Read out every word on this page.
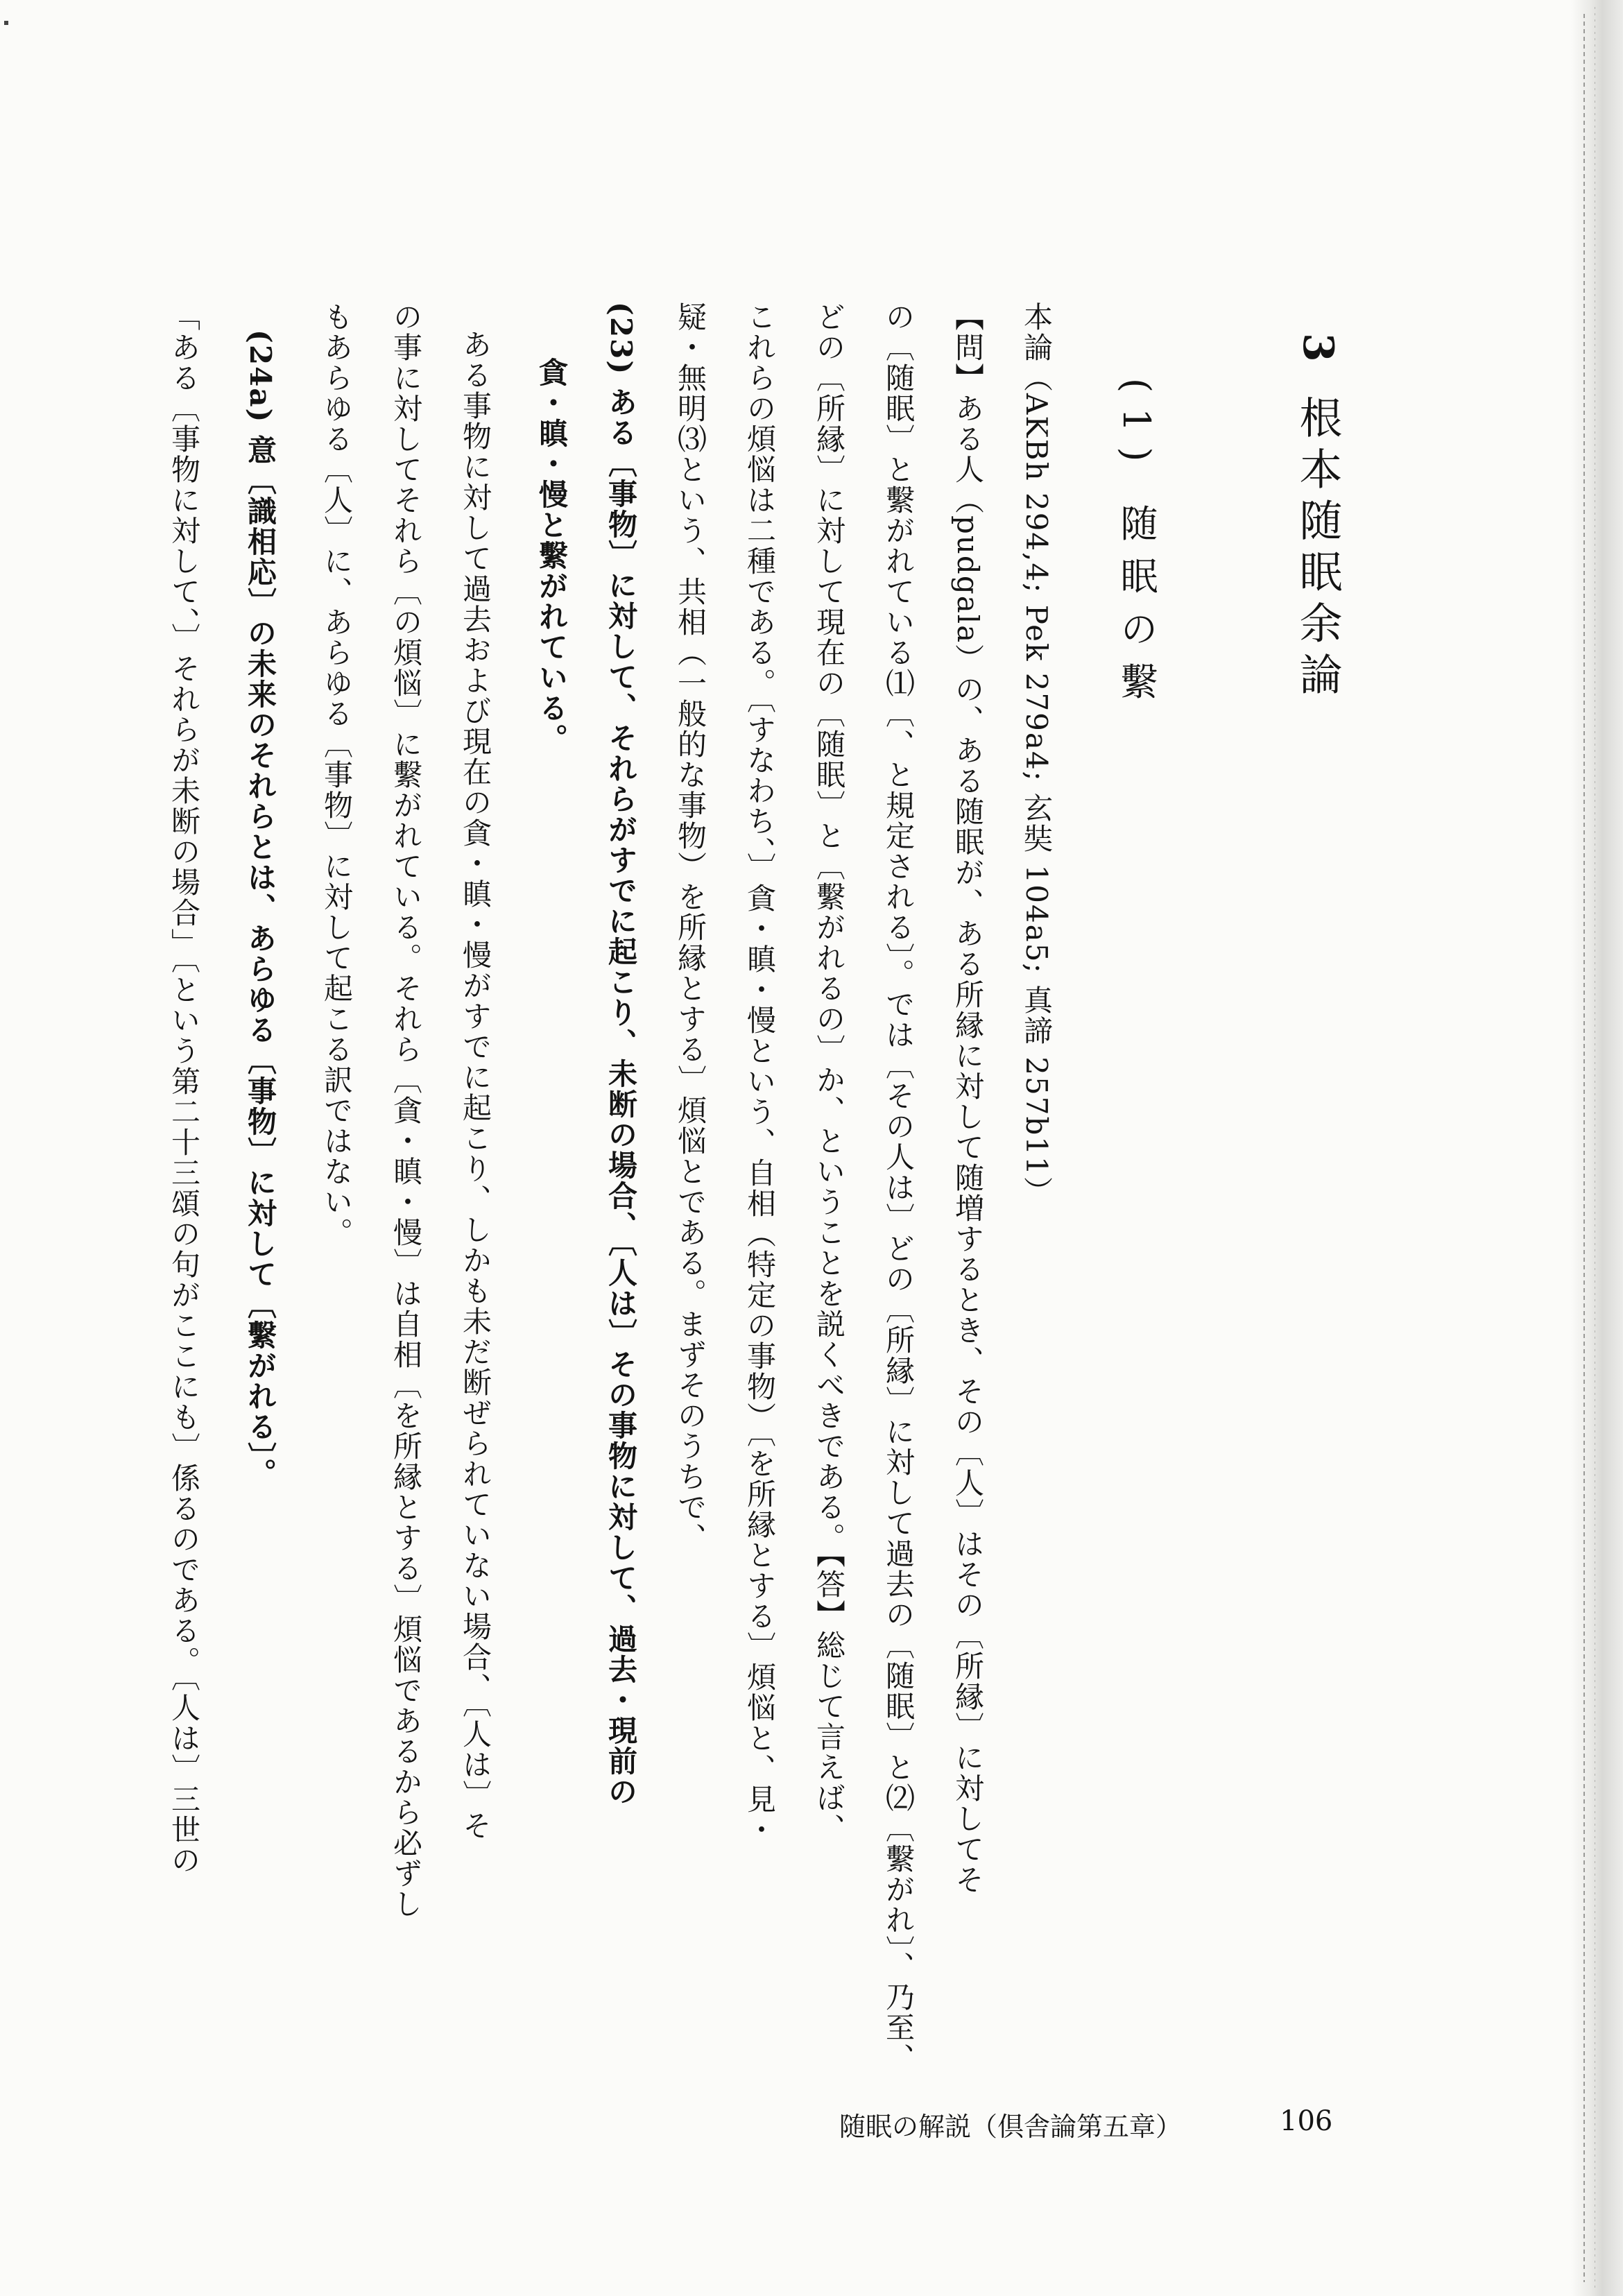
3
根本随眠余論
(1) 随眠の繫
本論（AKBh 294,4; Pek 279a4; 玄奘 104a5; 真諦 257b11）
【問】ある人（pudgala）の、ある随眠が、ある所縁に対して随増するとき、その〔人〕はその〔所縁〕に対してそ
の〔随眠〕と繫がれている⑴〔、と規定される〕。では〔その人は〕どの〔所縁〕に対して過去の〔随眠〕と⑵〔繫がれ〕、乃至、
どの〔所縁〕に対して現在の〔随眠〕と〔繫がれるの〕か、ということを説くべきである。【答】総じて言えば、
これらの煩悩は二種である。〔すなわち、〕貪・瞋・慢という、自相（特定の事物）〔を所縁とする〕煩悩と、見・
疑・無明⑶という、共相（一般的な事物）を所縁とする〕煩悩とである。まずそのうちで、
(23) ある〔事物〕に対して、それらがすでに起こり、未断の場合、〔人は〕その事物に対して、過去・現前の
貪・瞋・慢と繫がれている。
ある事物に対して過去および現在の貪・瞋・慢がすでに起こり、しかも未だ断ぜられていない場合、〔人は〕そ
の事に対してそれら〔の煩悩〕に繫がれている。それら〔貪・瞋・慢〕は自相〔を所縁とする〕煩悩であるから必ずし
もあらゆる〔人〕に、あらゆる〔事物〕に対して起こる訳ではない。
(24a) 意〔識相応〕の未来のそれらとは、あらゆる〔事物〕に対して〔繫がれる〕。
「ある〔事物に対して、〕それらが未断の場合」〔という第二十三頌の句がここにも〕係るのである。〔人は〕三世の
随眠の解説（倶舎論第五章）	106
